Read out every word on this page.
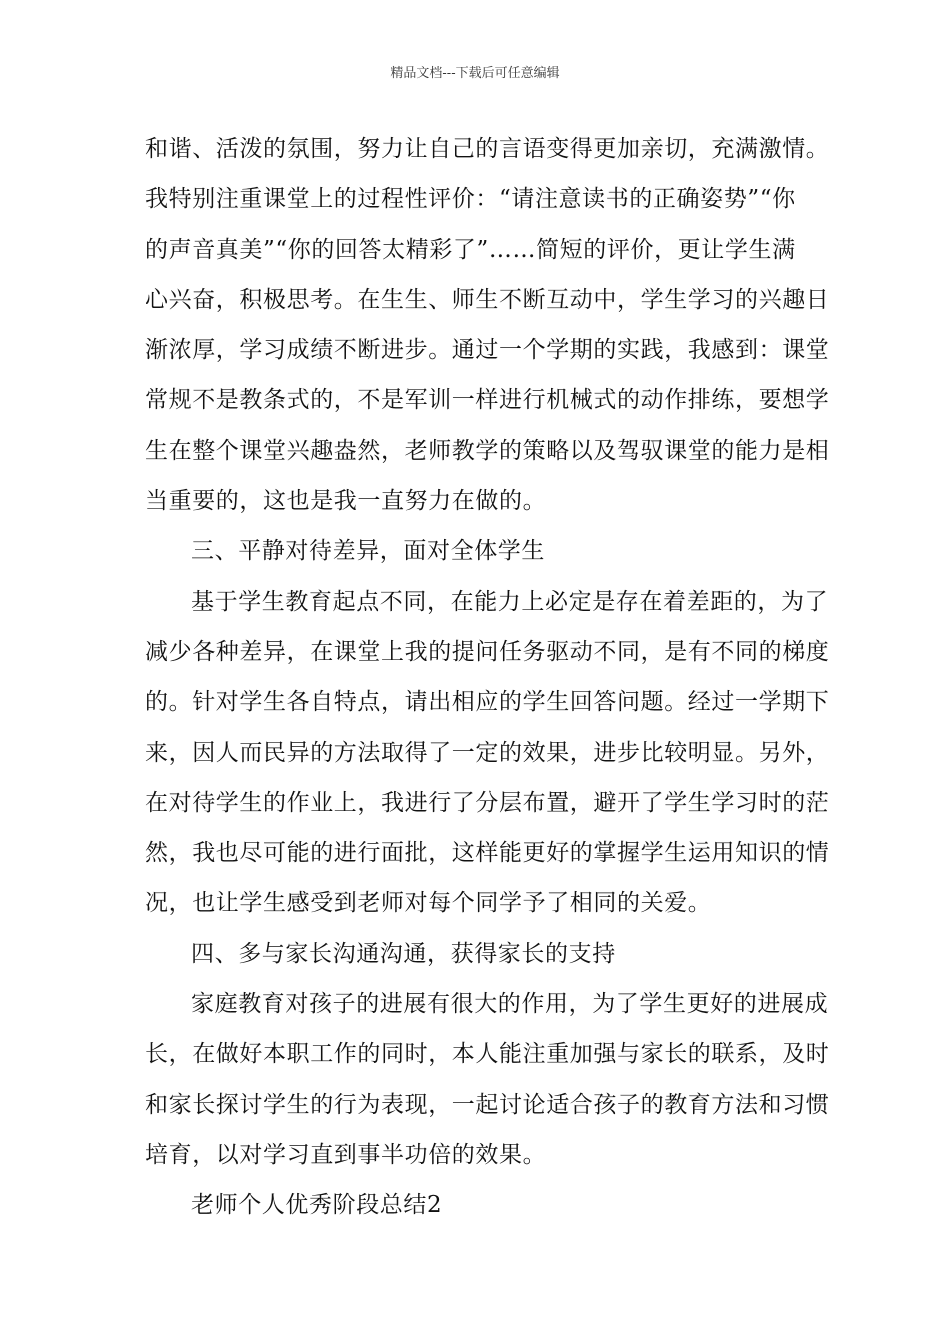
精品文档---下载后可任意编辑
和谐、活泼的氛围，努力让自己的言语变得更加亲切，充满激情。
我特别注重课堂上的过程性评价：“请注意读书的正确姿势”“你
的声音真美”“你的回答太精彩了”……简短的评价，更让学生满
心兴奋，积极思考。在生生、师生不断互动中，学生学习的兴趣日
渐浓厚，学习成绩不断进步。通过一个学期的实践，我感到：课堂
常规不是教条式的，不是军训一样进行机械式的动作排练，要想学
生在整个课堂兴趣盎然，老师教学的策略以及驾驭课堂的能力是相
当重要的，这也是我一直努力在做的。
三、平静对待差异，面对全体学生
基于学生教育起点不同，在能力上必定是存在着差距的，为了
减少各种差异，在课堂上我的提问任务驱动不同，是有不同的梯度
的。针对学生各自特点，请出相应的学生回答问题。经过一学期下
来，因人而民异的方法取得了一定的效果，进步比较明显。另外，
在对待学生的作业上，我进行了分层布置，避开了学生学习时的茫
然，我也尽可能的进行面批，这样能更好的掌握学生运用知识的情
况，也让学生感受到老师对每个同学予了相同的关爱。
四、多与家长沟通沟通，获得家长的支持
家庭教育对孩子的进展有很大的作用，为了学生更好的进展成
长，在做好本职工作的同时，本人能注重加强与家长的联系，及时
和家长探讨学生的行为表现，一起讨论适合孩子的教育方法和习惯
培育，以对学习直到事半功倍的效果。
老师个人优秀阶段总结2
